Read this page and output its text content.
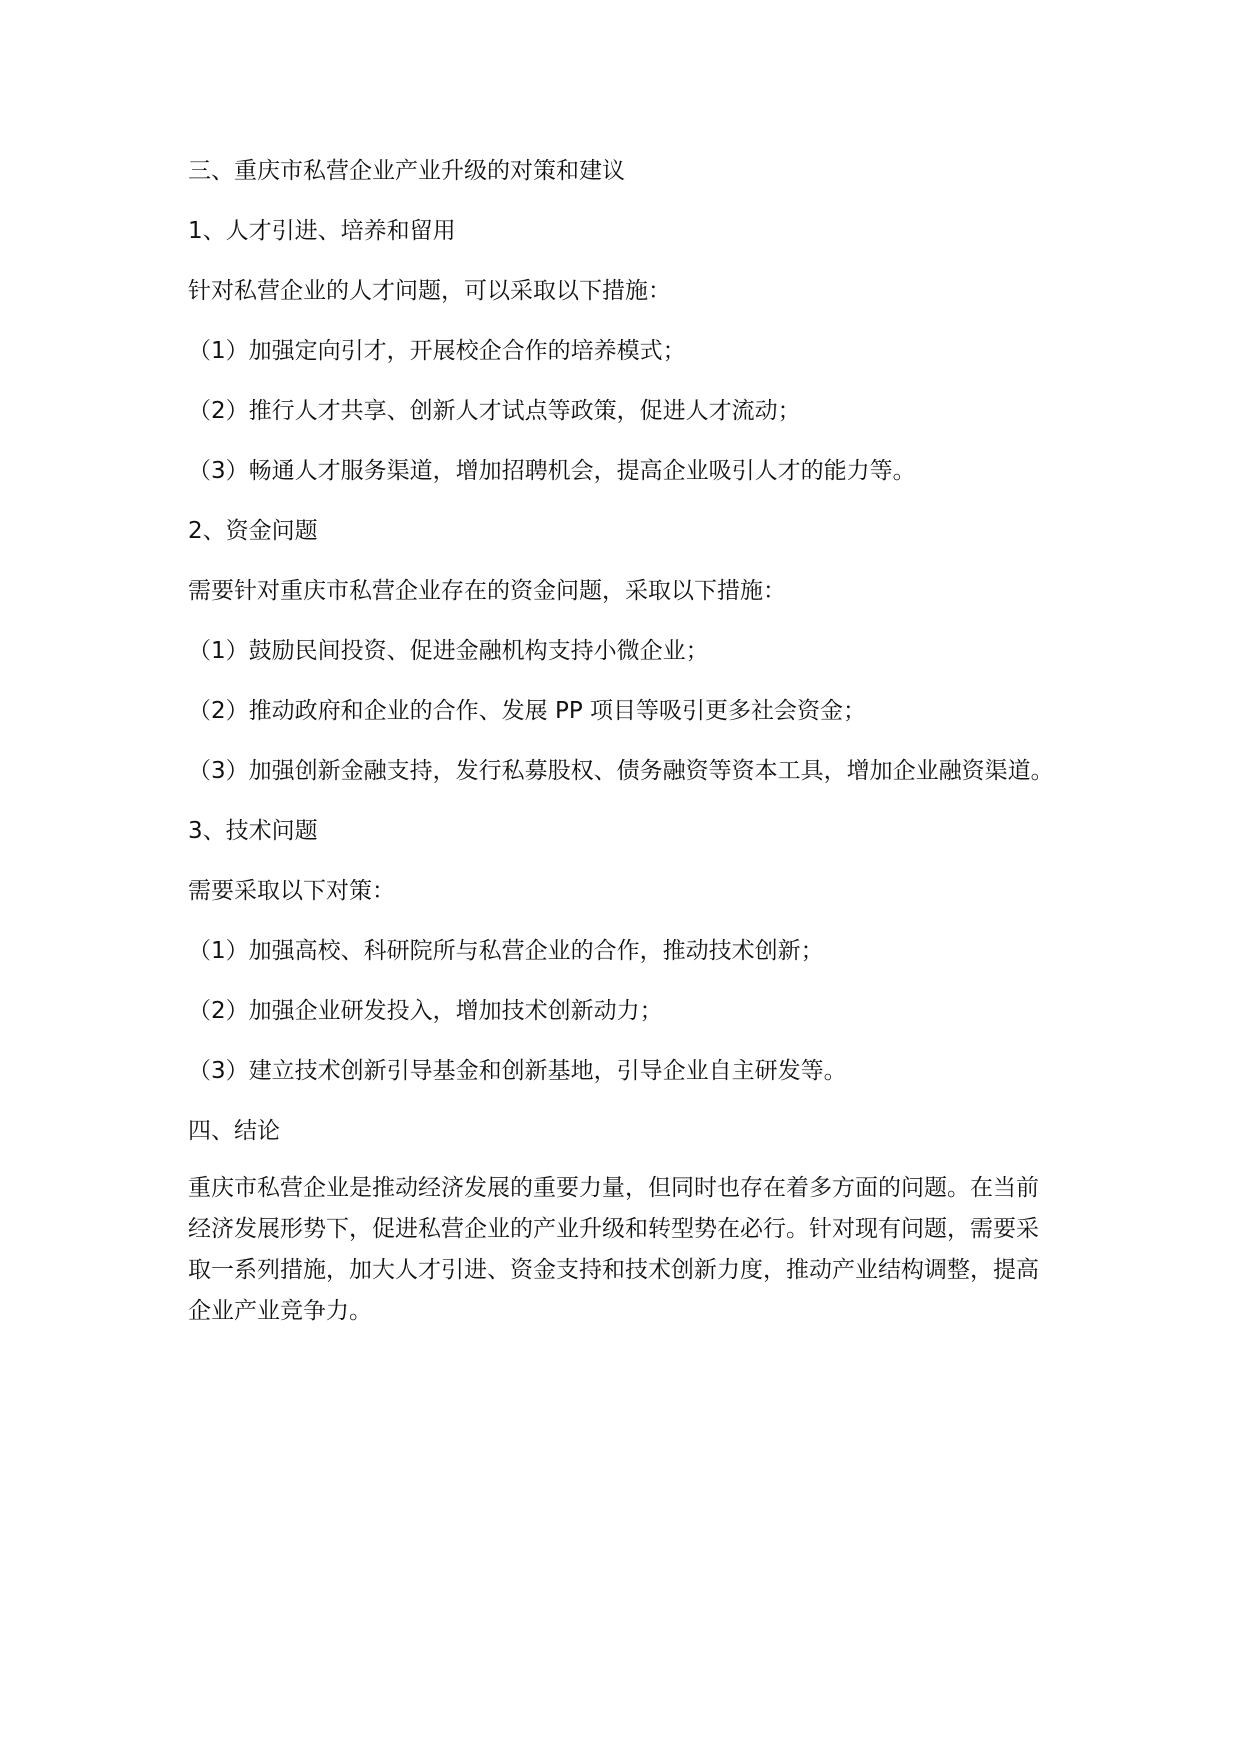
三、重庆市私营企业产业升级的对策和建议

1、人才引进、培养和留用

针对私营企业的人才问题，可以采取以下措施：

（1）加强定向引才，开展校企合作的培养模式；

（2）推行人才共享、创新人才试点等政策，促进人才流动；

（3）畅通人才服务渠道，增加招聘机会，提高企业吸引人才的能力等。

2、资金问题

需要针对重庆市私营企业存在的资金问题，采取以下措施：

（1）鼓励民间投资、促进金融机构支持小微企业；

（2）推动政府和企业的合作、发展 PP 项目等吸引更多社会资金；

（3）加强创新金融支持，发行私募股权、债务融资等资本工具，增加企业融资渠道。

3、技术问题

需要采取以下对策：

（1）加强高校、科研院所与私营企业的合作，推动技术创新；

（2）加强企业研发投入，增加技术创新动力；

（3）建立技术创新引导基金和创新基地，引导企业自主研发等。

四、结论

重庆市私营企业是推动经济发展的重要力量，但同时也存在着多方面的问题。在当前
经济发展形势下，促进私营企业的产业升级和转型势在必行。针对现有问题，需要采
取一系列措施，加大人才引进、资金支持和技术创新力度，推动产业结构调整，提高
企业产业竞争力。
